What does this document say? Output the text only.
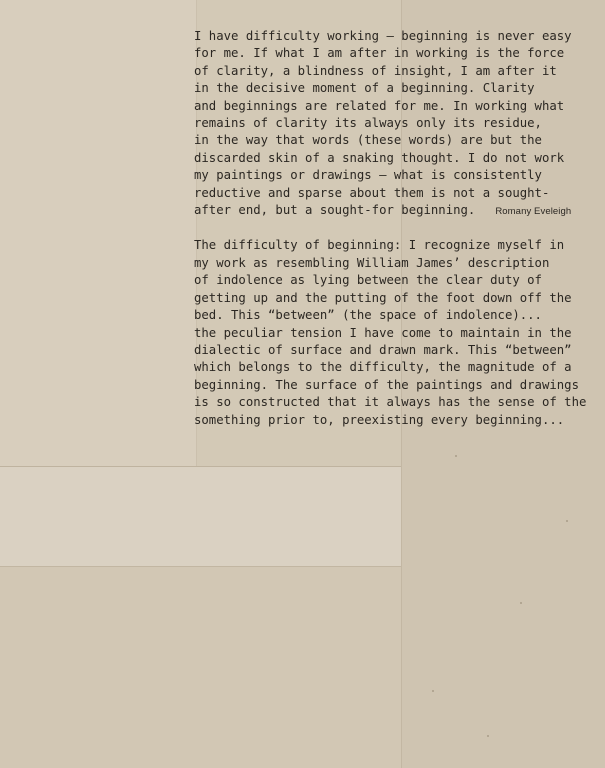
I have difficulty working — beginning is never easy
for me. If what I am after in working is the force
of clarity, a blindness of insight, I am after it
in the decisive moment of a beginning. Clarity
and beginnings are related for me. In working what
remains of clarity its always only its residue,
in the way that words (these words) are but the
discarded skin of a snaking thought. I do not work
my paintings or drawings — what is consistently
reductive and sparse about them is not a sought-
after end, but a sought-for beginning. Romany Eveleigh
The difficulty of beginning: I recognize myself in
my work as resembling William James’ description
of indolence as lying between the clear duty of
getting up and the putting of the foot down off the
bed. This “between” (the space of indolence)...
the peculiar tension I have come to maintain in the
dialectic of surface and drawn mark. This “between”
which belongs to the difficulty, the magnitude of a
beginning. The surface of the paintings and drawings
is so constructed that it always has the sense of the
something prior to, preexisting every beginning...
